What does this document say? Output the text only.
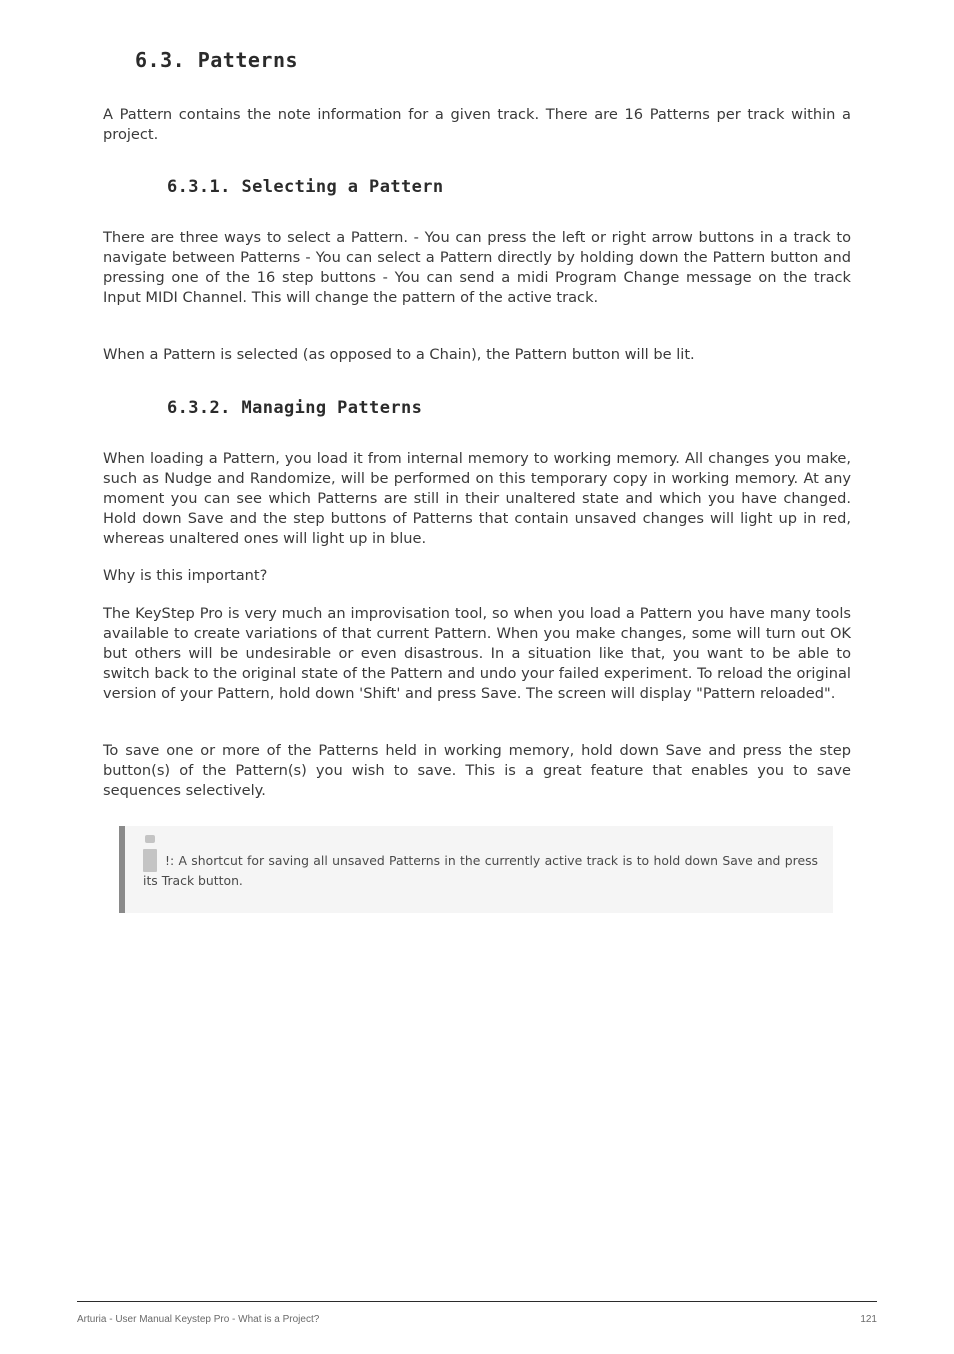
6.3. Patterns

A Pattern contains the note information for a given track. There are 16 Patterns per track within a project.

6.3.1. Selecting a Pattern

There are three ways to select a Pattern. - You can press the left or right arrow buttons in a track to navigate between Patterns - You can select a Pattern directly by holding down the Pattern button and pressing one of the 16 step buttons - You can send a midi Program Change message on the track Input MIDI Channel. This will change the pattern of the active track.

When a Pattern is selected (as opposed to a Chain), the Pattern button will be lit.

6.3.2. Managing Patterns

When loading a Pattern, you load it from internal memory to working memory. All changes you make, such as Nudge and Randomize, will be performed on this temporary copy in working memory. At any moment you can see which Patterns are still in their unaltered state and which you have changed. Hold down Save and the step buttons of Patterns that contain unsaved changes will light up in red, whereas unaltered ones will light up in blue.

Why is this important?

The KeyStep Pro is very much an improvisation tool, so when you load a Pattern you have many tools available to create variations of that current Pattern. When you make changes, some will turn out OK but others will be undesirable or even disastrous. In a situation like that, you want to be able to switch back to the original state of the Pattern and undo your failed experiment. To reload the original version of your Pattern, hold down 'Shift' and press Save. The screen will display "Pattern reloaded".

To save one or more of the Patterns held in working memory, hold down Save and press the step button(s) of the Pattern(s) you wish to save. This is a great feature that enables you to save sequences selectively.

!: A shortcut for saving all unsaved Patterns in the currently active track is to hold down Save and press its Track button.

Arturia - User Manual Keystep Pro - What is a Project?	121
